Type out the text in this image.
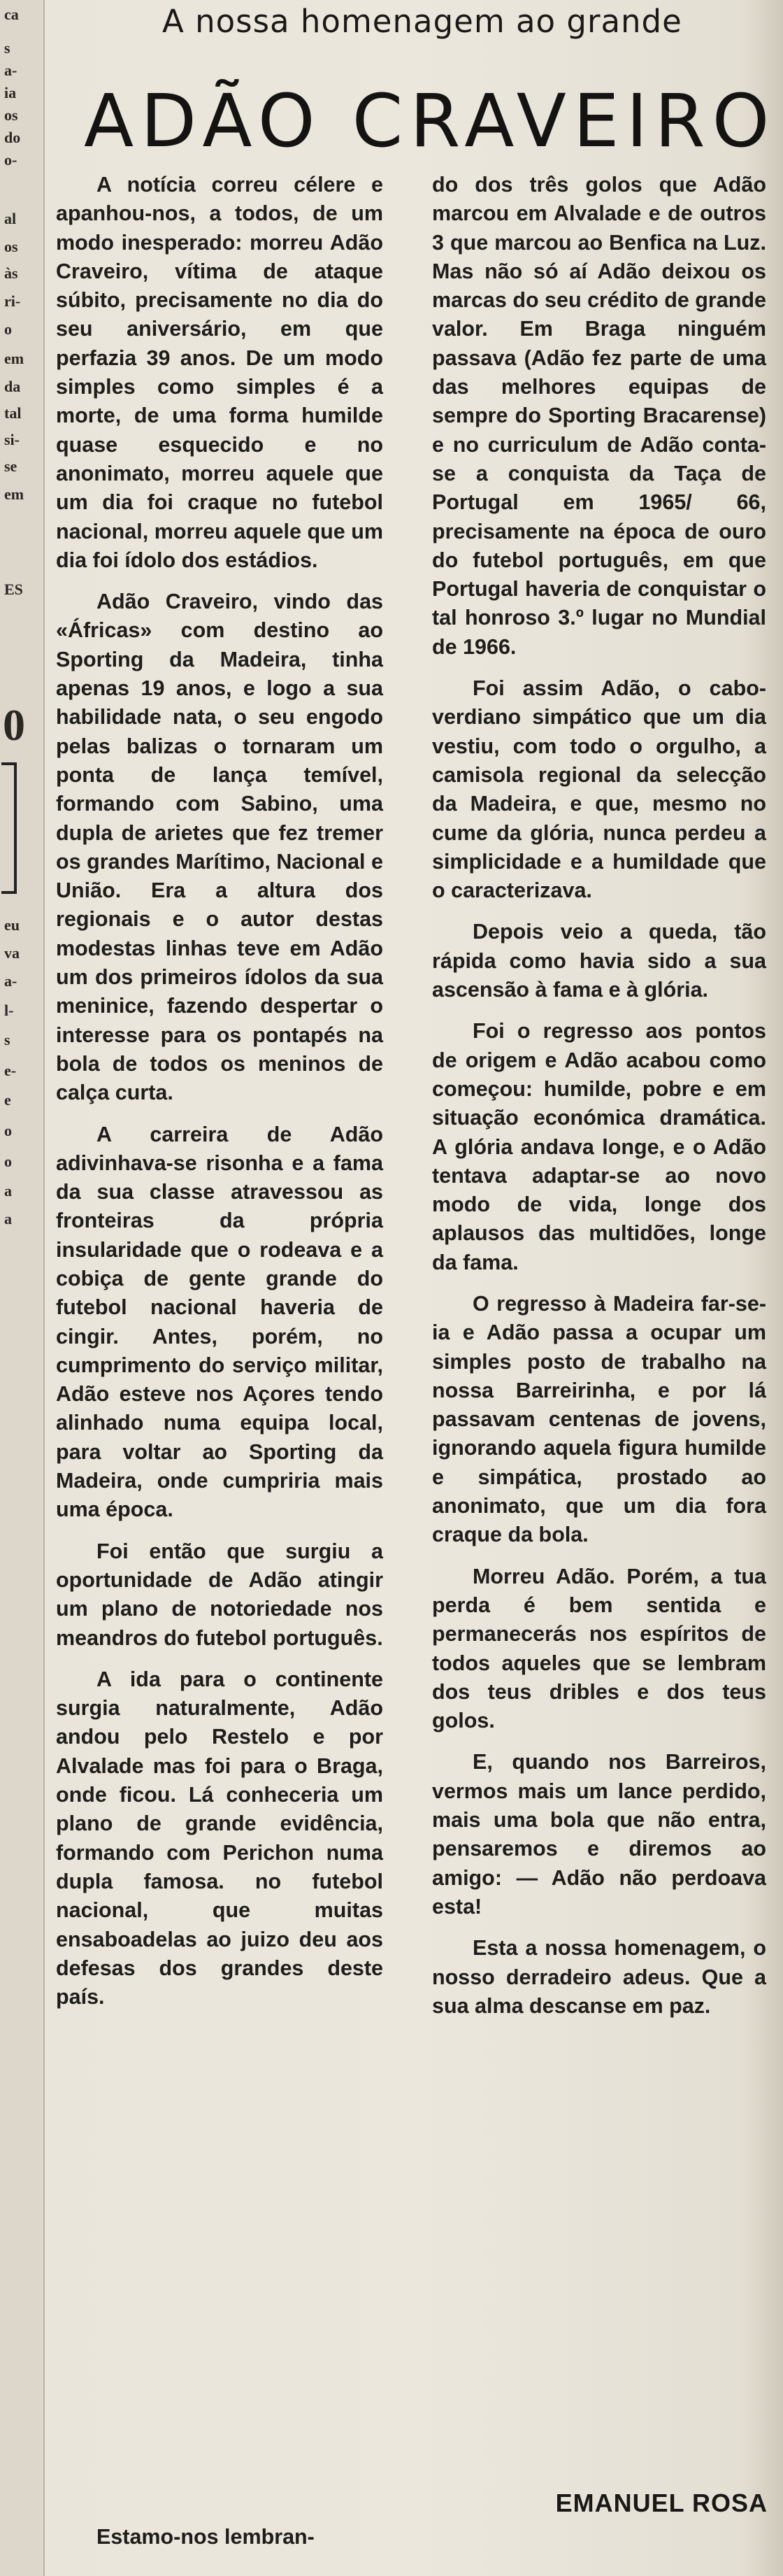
ca
s
a-
ia
os
do
o-
al
os
às
ri-
o
em
da
tal
si-
se
em
ES
0
eu
va
a-
l-
s
e-
e
o
o
a
a
A nossa homenagem ao grande
ADÃO CRAVEIRO

A notícia correu célere e apanhou-nos, a todos, de um modo inesperado: morreu Adão Craveiro, vítima de ataque súbito, precisamente no dia do seu aniversário, em que perfazia 39 anos. De um modo simples como simples é a morte, de uma forma humilde quase esquecido e no anonimato, morreu aquele que um dia foi craque no futebol nacional, morreu aquele que um dia foi ídolo dos estádios.

Adão Craveiro, vindo das «Áfricas» com destino ao Sporting da Madeira, tinha apenas 19 anos, e logo a sua habilidade nata, o seu engodo pelas balizas o tornaram um ponta de lança temível, formando com Sabino, uma dupla de arietes que fez tremer os grandes Marítimo, Nacional e União. Era a altura dos regionais e o autor destas modestas linhas teve em Adão um dos primeiros ídolos da sua meninice, fazendo despertar o interesse para os pontapés na bola de todos os meninos de calça curta.

A carreira de Adão adivinhava-se risonha e a fama da sua classe atravessou as fronteiras da própria insularidade que o rodeava e a cobiça de gente grande do futebol nacional haveria de cingir. Antes, porém, no cumprimento do serviço militar, Adão esteve nos Açores tendo alinhado numa equipa local, para voltar ao Sporting da Madeira, onde cumpriria mais uma época.

Foi então que surgiu a oportunidade de Adão atingir um plano de notoriedade nos meandros do futebol português.

A ida para o continente surgia naturalmente, Adão andou pelo Restelo e por Alvalade mas foi para o Braga, onde ficou. Lá conheceria um plano de grande evidência, formando com Perichon numa dupla famosa. no futebol nacional, que muitas ensaboadelas ao juizo deu aos defesas dos grandes deste país.

do dos três golos que Adão marcou em Alvalade e de outros 3 que marcou ao Benfica na Luz. Mas não só aí Adão deixou os marcas do seu crédito de grande valor. Em Braga ninguém passava (Adão fez parte de uma das melhores equipas de sempre do Sporting Bracarense) e no curriculum de Adão conta-se a conquista da Taça de Portugal em 1965/ 66, precisamente na época de ouro do futebol português, em que Portugal haveria de conquistar o tal honroso 3.º lugar no Mundial de 1966.

Foi assim Adão, o cabo-verdiano simpático que um dia vestiu, com todo o orgulho, a camisola regional da selecção da Madeira, e que, mesmo no cume da glória, nunca perdeu a simplicidade e a humildade que o caracterizava.

Depois veio a queda, tão rápida como havia sido a sua ascensão à fama e à glória.

Foi o regresso aos pontos de origem e Adão acabou como começou: humilde, pobre e em situação económica dramática. A glória andava longe, e o Adão tentava adaptar-se ao novo modo de vida, longe dos aplausos das multidões, longe da fama.

O regresso à Madeira far-se-ia e Adão passa a ocupar um simples posto de trabalho na nossa Barreirinha, e por lá passavam centenas de jovens, ignorando aquela figura humilde e simpática, prostado ao anonimato, que um dia fora craque da bola.

Morreu Adão. Porém, a tua perda é bem sentida e permanecerás nos espíritos de todos aqueles que se lembram dos teus dribles e dos teus golos.

E, quando nos Barreiros, vermos mais um lance perdido, mais uma bola que não entra, pensaremos e diremos ao amigo: — Adão não perdoava esta!

Esta a nossa homenagem, o nosso derradeiro adeus. Que a sua alma descanse em paz.

Estamo-nos lembran-
EMANUEL ROSA
